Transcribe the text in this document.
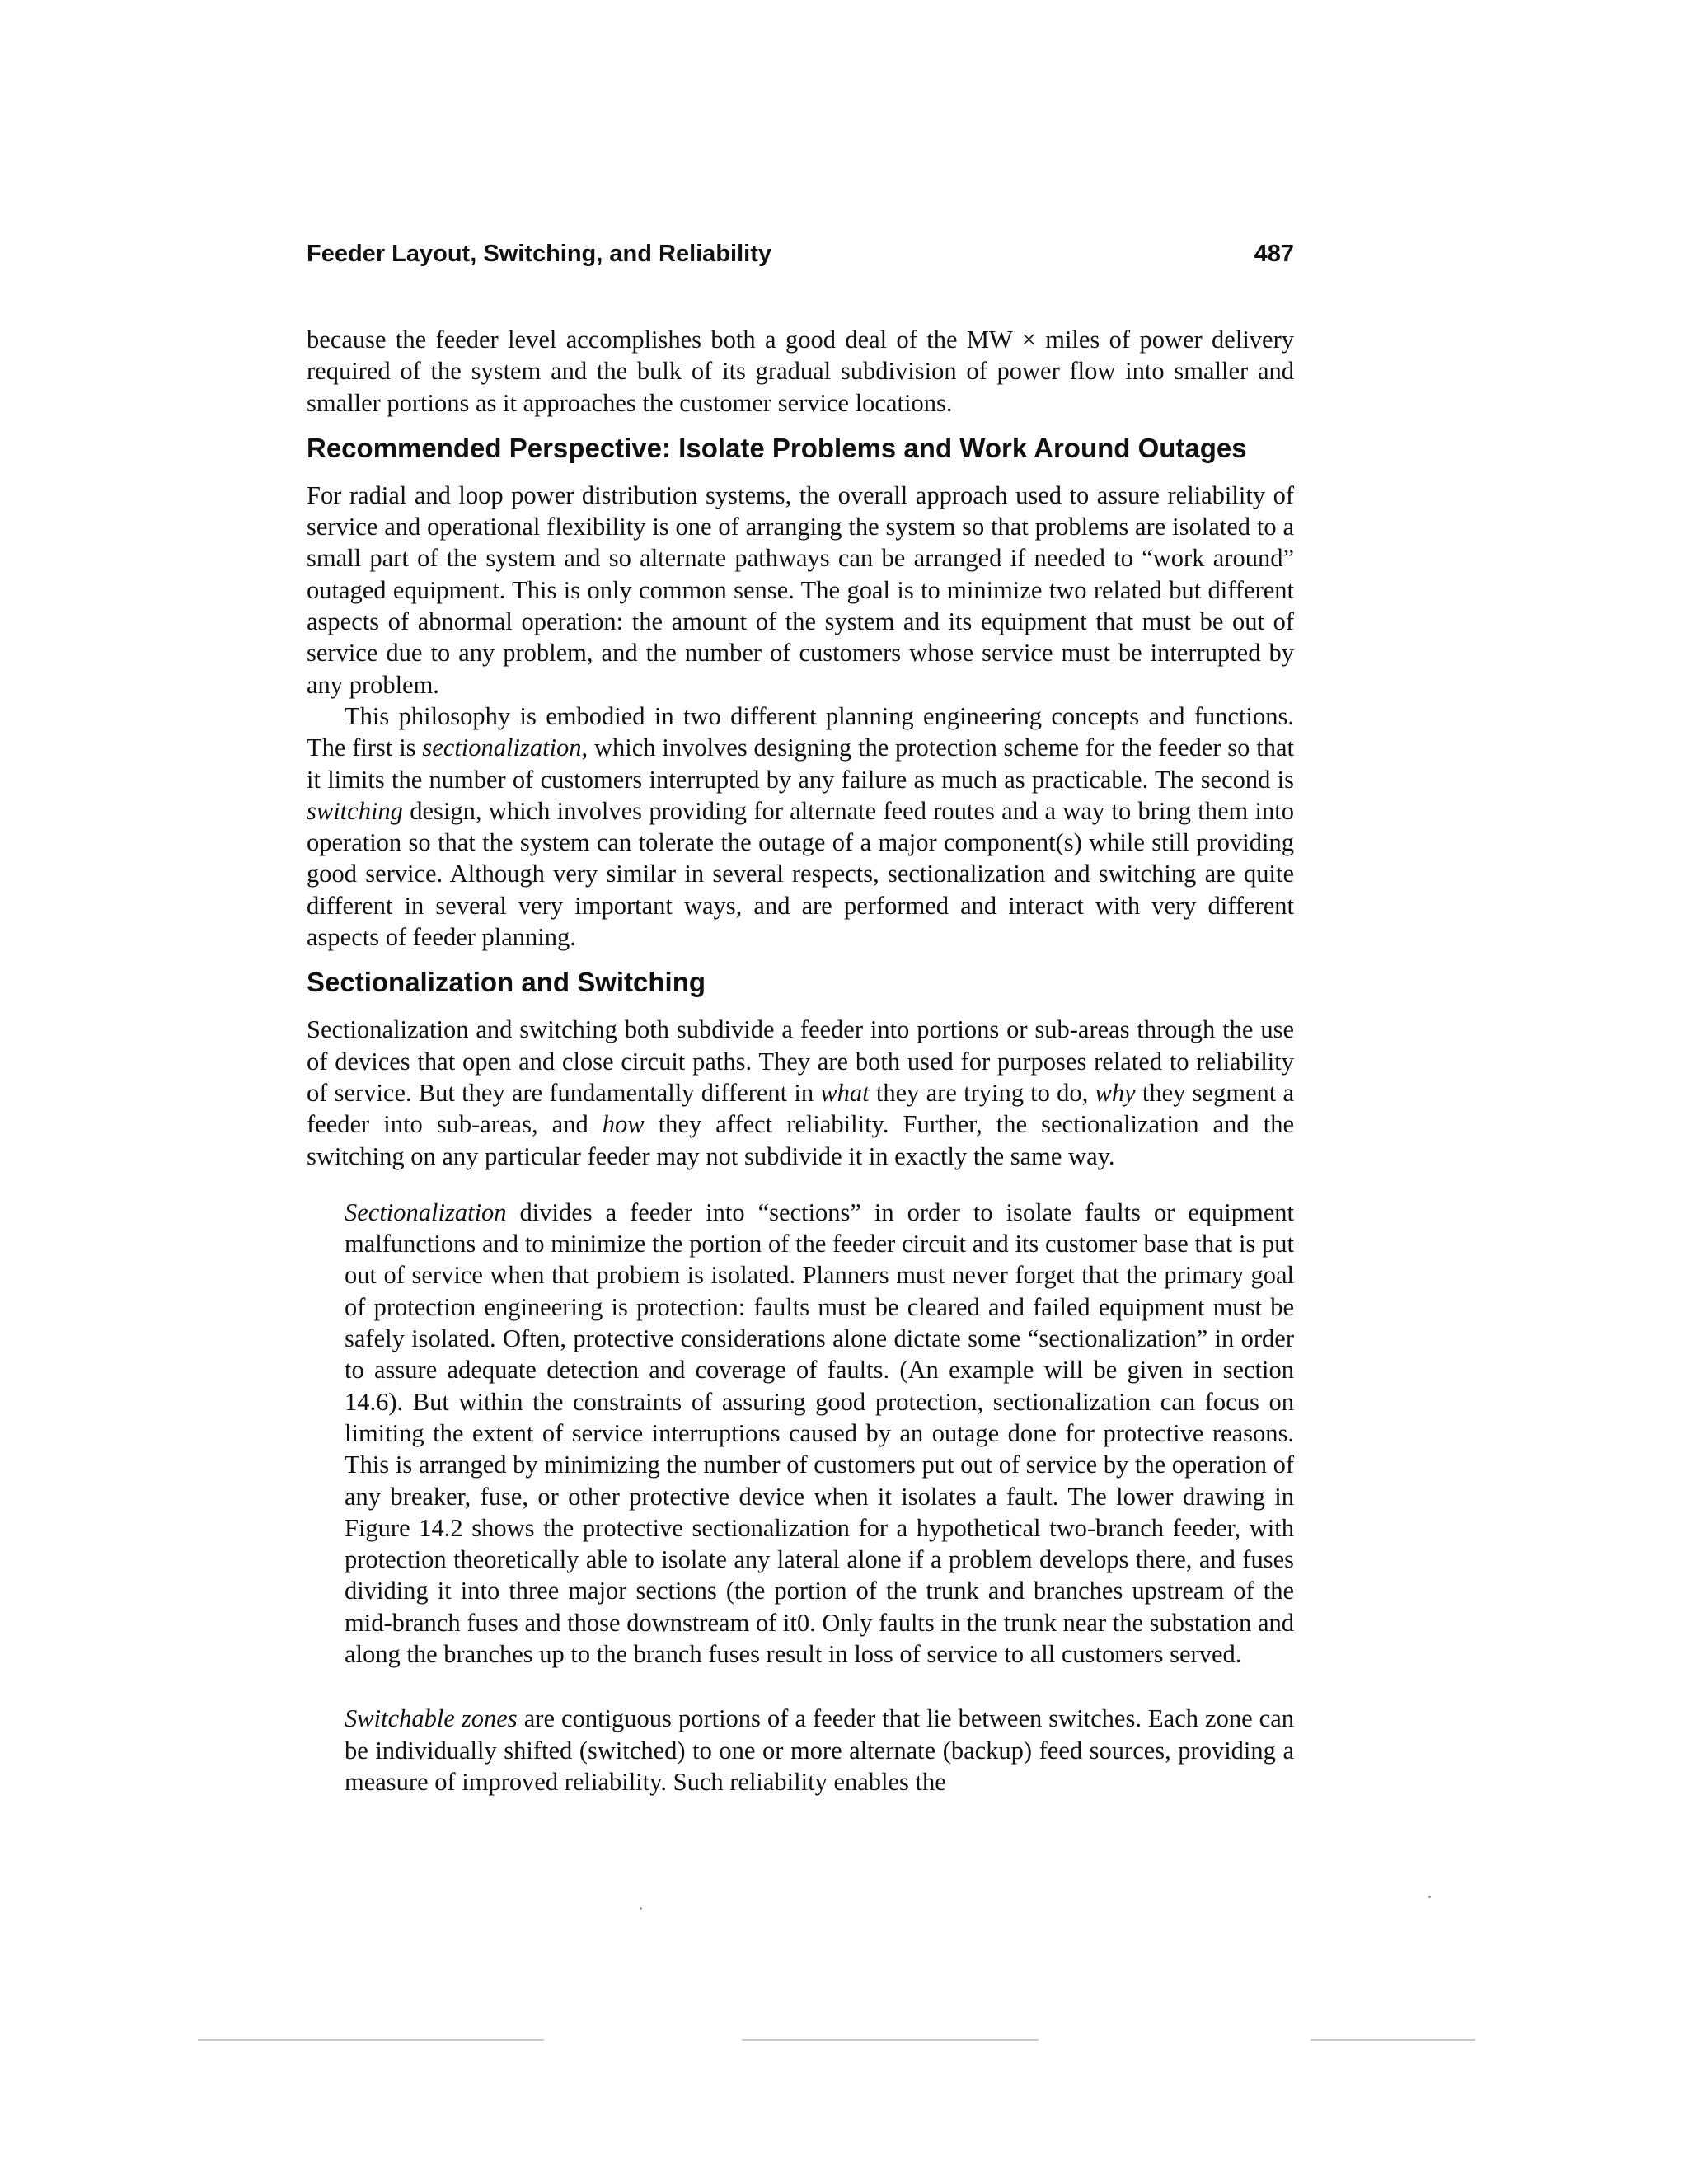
Feeder Layout, Switching, and Reliability	487

because the feeder level accomplishes both a good deal of the MW × miles of power delivery required of the system and the bulk of its gradual subdivision of power flow into smaller and smaller portions as it approaches the customer service locations.

Recommended Perspective: Isolate Problems and Work Around Outages

For radial and loop power distribution systems, the overall approach used to assure reliability of service and operational flexibility is one of arranging the system so that problems are isolated to a small part of the system and so alternate pathways can be arranged if needed to “work around” outaged equipment. This is only common sense. The goal is to minimize two related but different aspects of abnormal operation: the amount of the system and its equipment that must be out of service due to any problem, and the number of customers whose service must be interrupted by any problem.

This philosophy is embodied in two different planning engineering concepts and functions. The first is sectionalization, which involves designing the protection scheme for the feeder so that it limits the number of customers interrupted by any failure as much as practicable. The second is switching design, which involves providing for alternate feed routes and a way to bring them into operation so that the system can tolerate the outage of a major component(s) while still providing good service. Although very similar in several respects, sectionalization and switching are quite different in several very important ways, and are performed and interact with very different aspects of feeder planning.

Sectionalization and Switching

Sectionalization and switching both subdivide a feeder into portions or sub-areas through the use of devices that open and close circuit paths. They are both used for purposes related to reliability of service. But they are fundamentally different in what they are trying to do, why they segment a feeder into sub-areas, and how they affect reliability. Further, the sectionalization and the switching on any particular feeder may not subdivide it in exactly the same way.

Sectionalization divides a feeder into “sections” in order to isolate faults or equipment malfunctions and to minimize the portion of the feeder circuit and its customer base that is put out of service when that probiem is isolated. Planners must never forget that the primary goal of protection engineering is protection: faults must be cleared and failed equipment must be safely isolated. Often, protective considerations alone dictate some “sectionalization” in order to assure adequate detection and coverage of faults. (An example will be given in section 14.6). But within the constraints of assuring good protection, sectionalization can focus on limiting the extent of service interruptions caused by an outage done for protective reasons. This is arranged by minimizing the number of customers put out of service by the operation of any breaker, fuse, or other protective device when it isolates a fault. The lower drawing in Figure 14.2 shows the protective sectionalization for a hypothetical two-branch feeder, with protection theoretically able to isolate any lateral alone if a problem develops there, and fuses dividing it into three major sections (the portion of the trunk and branches upstream of the mid-branch fuses and those downstream of it0. Only faults in the trunk near the substation and along the branches up to the branch fuses result in loss of service to all customers served.

Switchable zones are contiguous portions of a feeder that lie between switches. Each zone can be individually shifted (switched) to one or more alternate (backup) feed sources, providing a measure of improved reliability. Such reliability enables the
